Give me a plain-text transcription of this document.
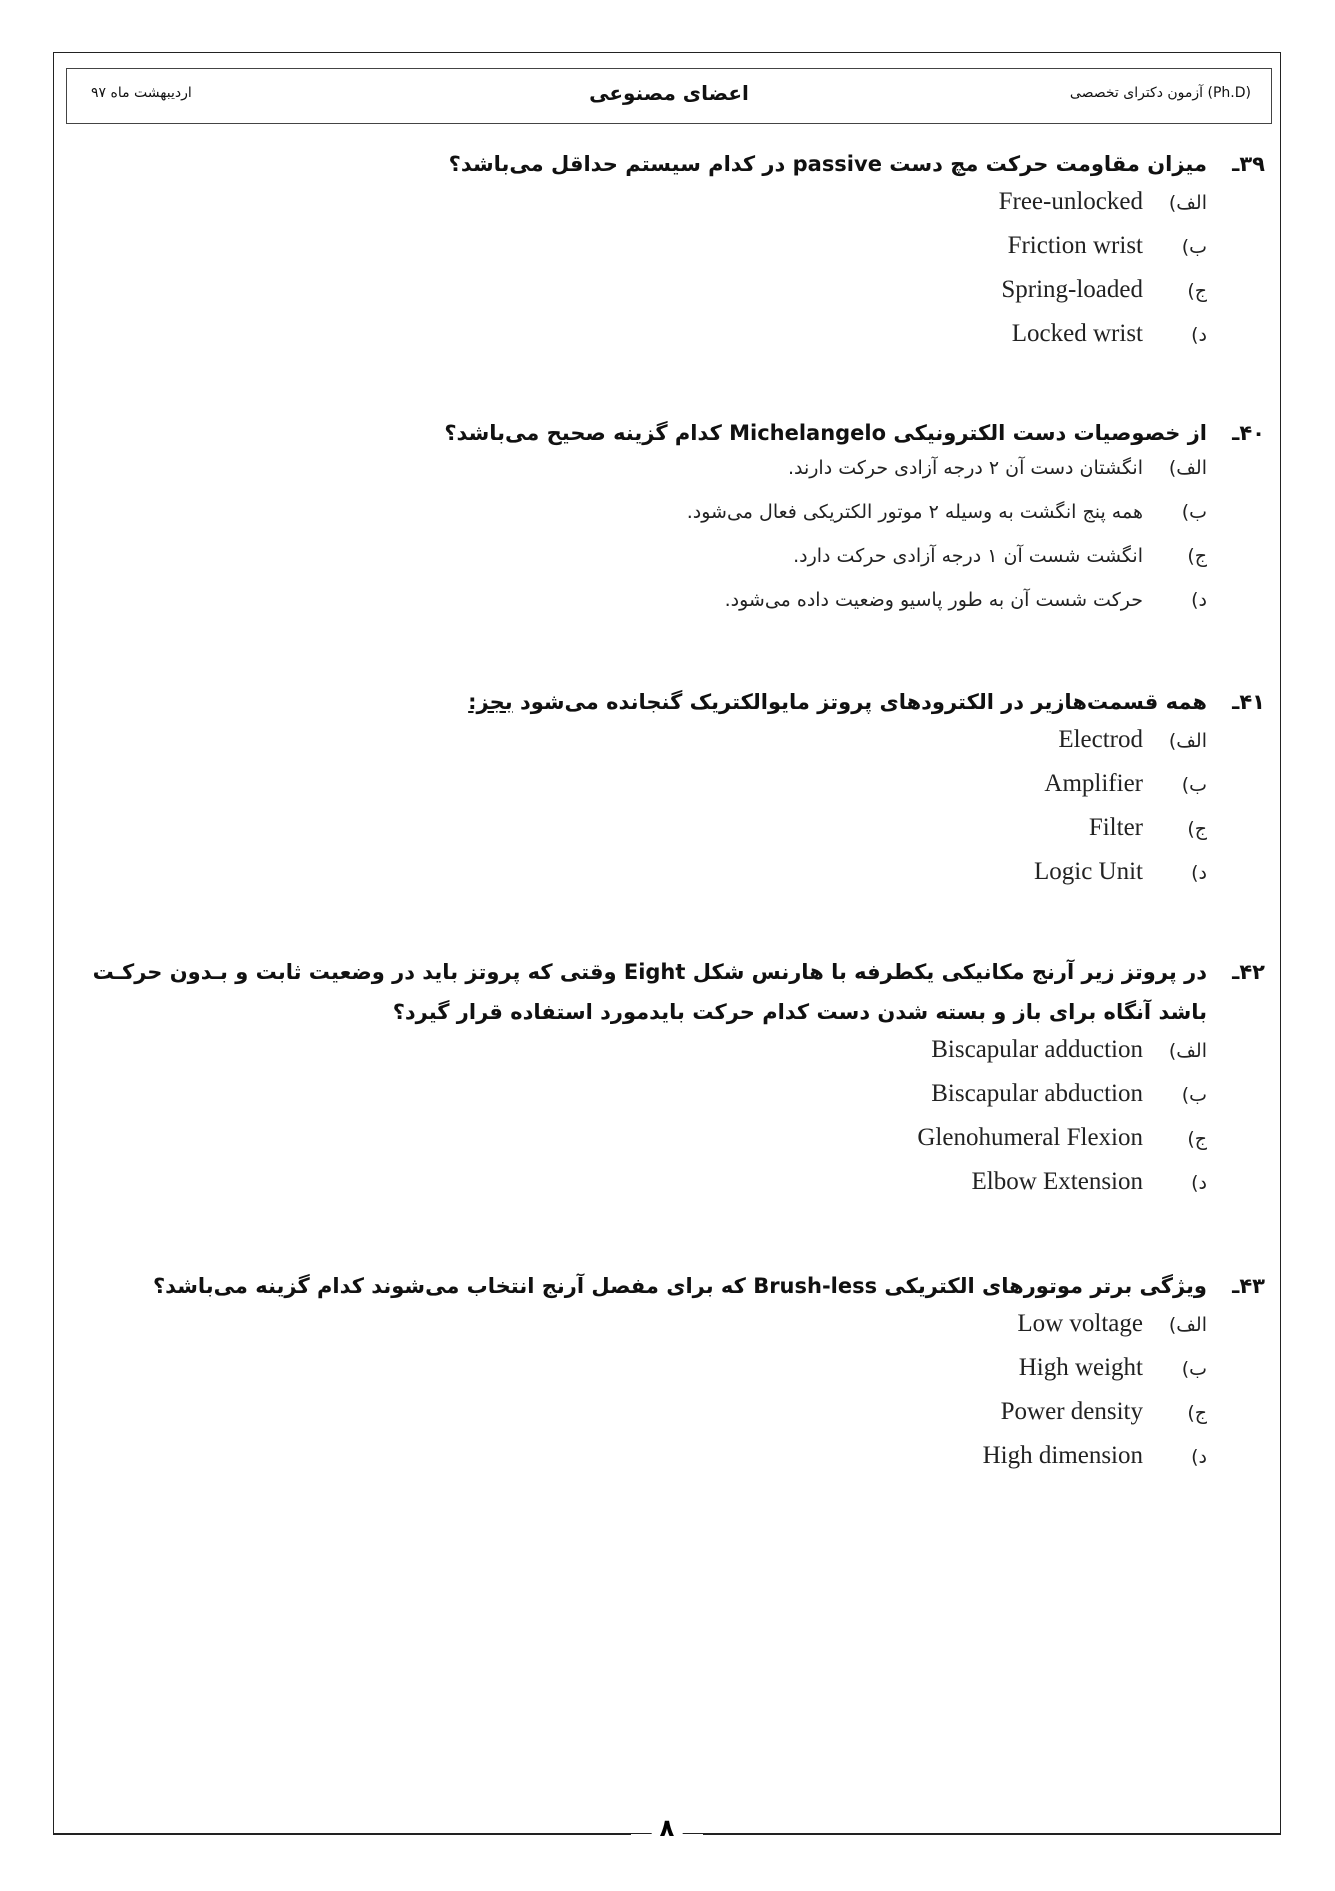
آزمون دکترای تخصصی (Ph.D)
اعضای مصنوعی
اردیبهشت ماه ۹۷
۳۹ـ
میزان مقاومت حرکت مچ دست passive در کدام سیستم حداقل می‌باشد؟
الف)
Free-unlocked
ب)
Friction wrist
ج)
Spring-loaded
د)
Locked wrist
۴۰ـ
از خصوصیات دست الکترونیکی Michelangelo کدام گزینه صحیح می‌باشد؟
الف)
انگشتان دست آن ۲ درجه آزادی حرکت دارند.
ب)
همه پنج انگشت به وسیله ۲ موتور الکتریکی فعال می‌شود.
ج)
انگشت شست آن ۱ درجه آزادی حرکت دارد.
د)
حرکت شست آن به طور پاسیو وضعیت داده می‌شود.
۴۱ـ
همه قسمت‌هازیر در الکترودهای پروتز مایوالکتریک گنجانده می‌شود بجز:
الف)
Electrod
ب)
Amplifier
ج)
Filter
د)
Logic Unit
۴۲ـ
در پروتز زیر آرنج مکانیکی یکطرفه با هارنس شکل Eight وقتی که پروتز باید در وضعیت ثابت و بـدون حرکـت
باشد آنگاه برای باز و بسته شدن دست کدام حرکت بایدمورد استفاده قرار گیرد؟
الف)
Biscapular adduction
ب)
Biscapular abduction
ج)
Glenohumeral Flexion
د)
Elbow Extension
۴۳ـ
ویژگی برتر موتورهای الکتریکی Brush-less که برای مفصل آرنج انتخاب می‌شوند کدام گزینه می‌باشد؟
الف)
Low voltage
ب)
High weight
ج)
Power density
د)
High dimension
۸
